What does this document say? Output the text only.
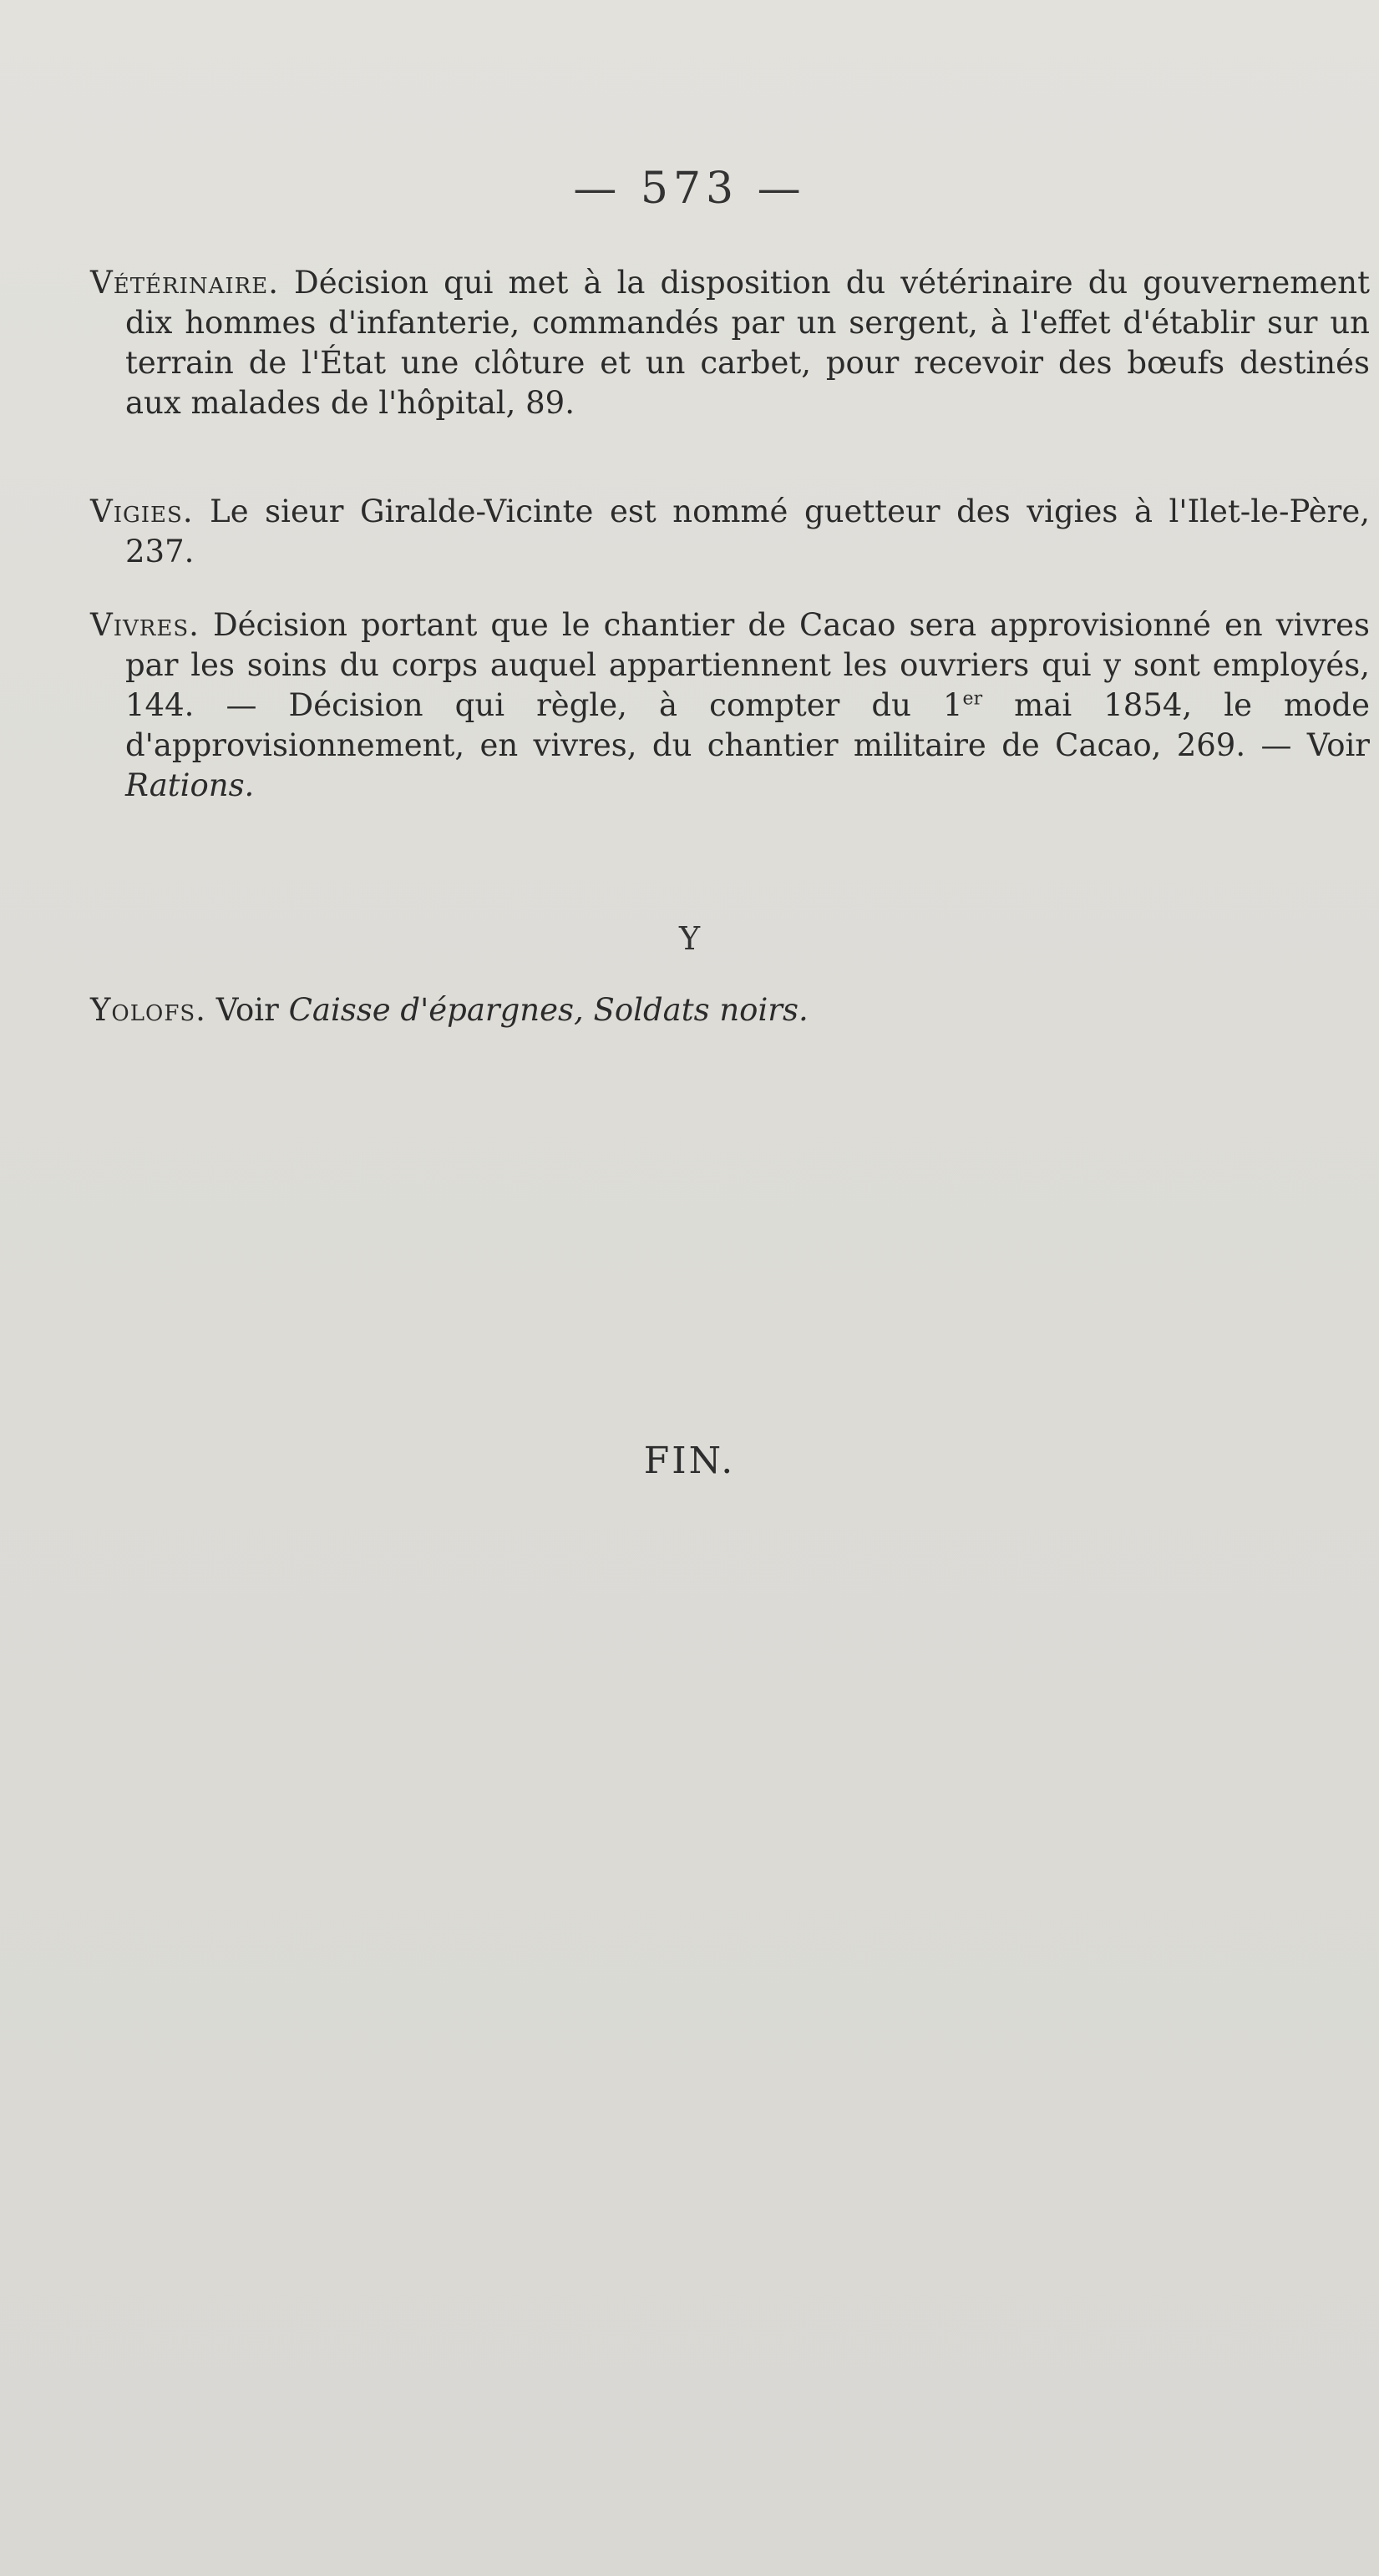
— 573 —

Vétérinaire. Décision qui met à la disposition du vétérinaire du gouvernement dix hommes d'infanterie, commandés par un sergent, à l'effet d'établir sur un terrain de l'État une clôture et un carbet, pour recevoir des bœufs destinés aux malades de l'hôpital, 89.

Vigies. Le sieur Giralde-Vicinte est nommé guetteur des vigies à l'Ilet-le-Père, 237.

Vivres. Décision portant que le chantier de Cacao sera approvisionné en vivres par les soins du corps auquel appartiennent les ouvriers qui y sont employés, 144. — Décision qui règle, à compter du 1er mai 1854, le mode d'approvisionnement, en vivres, du chantier militaire de Cacao, 269. — Voir Rations.

Y

Yolofs. Voir Caisse d'épargnes, Soldats noirs.

FIN.
